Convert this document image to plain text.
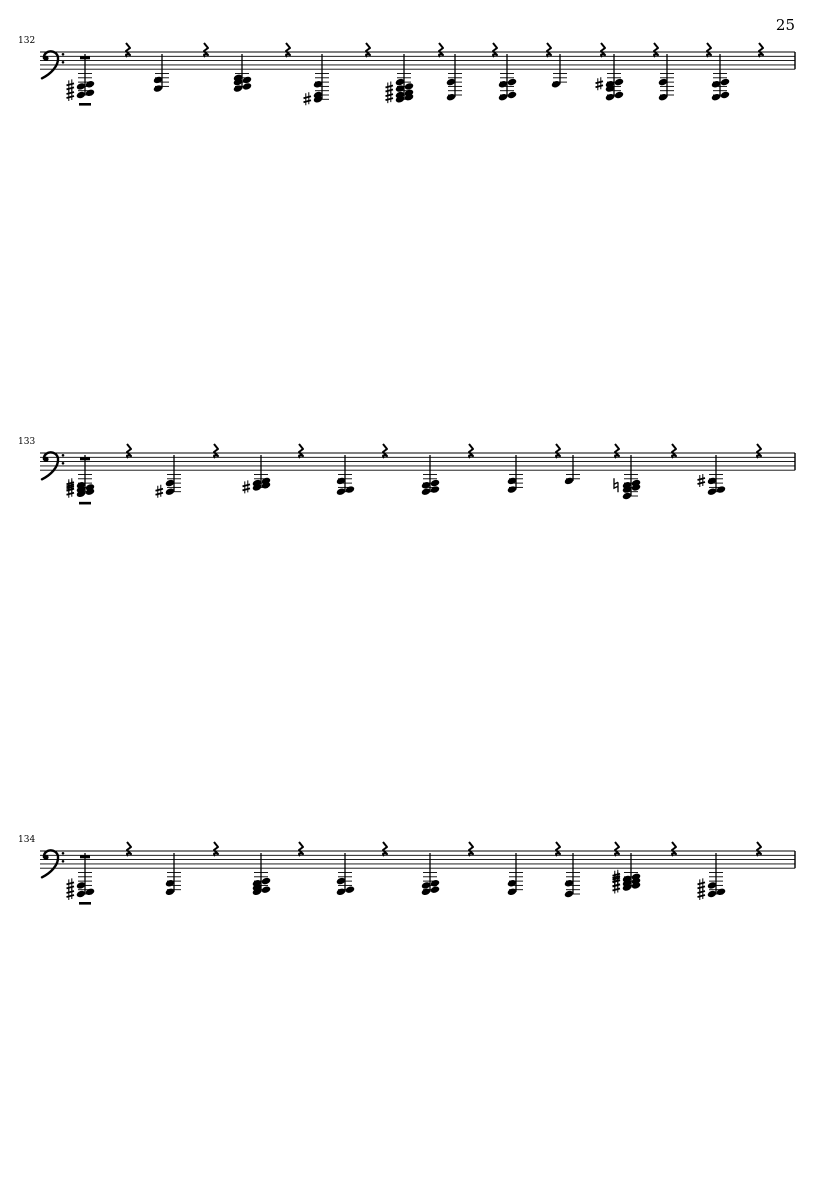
25
132
133
134
